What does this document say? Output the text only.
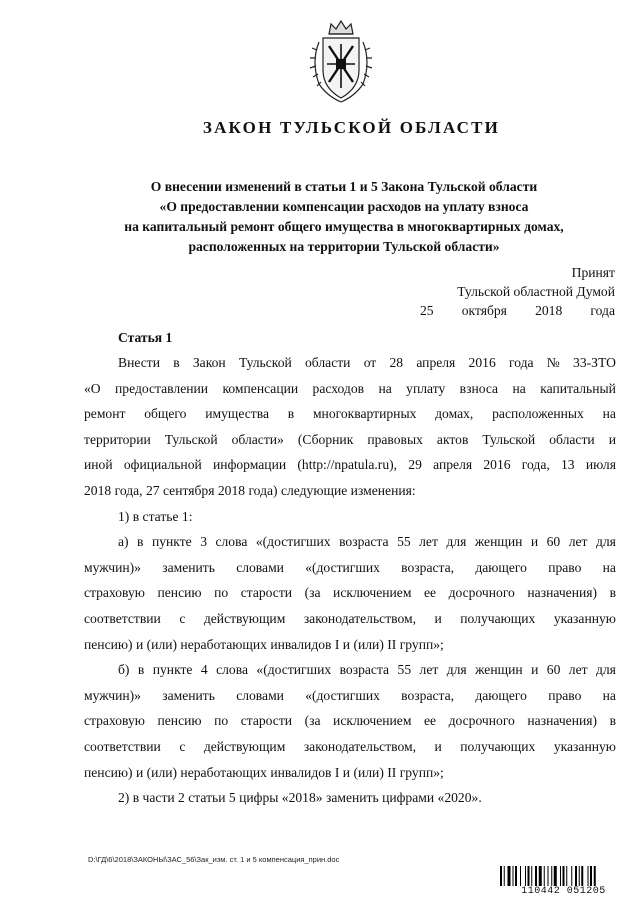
ЗАКОН ТУЛЬСКОЙ ОБЛАСТИ
О внесении изменений в статьи 1 и 5 Закона Тульской области
«О предоставлении компенсации расходов на уплату взноса
на капитальный ремонт общего имущества в многоквартирных домах,
расположенных на территории Тульской области»
Принят
Тульской областной Думой
25 октября 2018 года
Статья 1
Внести в Закон Тульской области от 28 апреля 2016 года № 33-ЗТО
«О предоставлении компенсации расходов на уплату взноса на капитальный
ремонт общего имущества в многоквартирных домах, расположенных на
территории Тульской области» (Сборник правовых актов Тульской области и
иной официальной информации (http://npatula.ru), 29 апреля 2016 года, 13 июля
2018 года, 27 сентября 2018 года) следующие изменения:
1) в статье 1:
а) в пункте 3 слова «(достигших возраста 55 лет для женщин и 60 лет для
мужчин)» заменить словами «(достигших возраста, дающего право на
страховую пенсию по старости (за исключением ее досрочного назначения) в
соответствии с действующим законодательством, и получающих указанную
пенсию) и (или) неработающих инвалидов I и (или) II групп»;
б) в пункте 4 слова «(достигших возраста 55 лет для женщин и 60 лет для
мужчин)» заменить словами «(достигших возраста, дающего право на
страховую пенсию по старости (за исключением ее досрочного назначения) в
соответствии с действующим законодательством, и получающих указанную
пенсию) и (или) неработающих инвалидов I и (или) II групп»;
2) в части 2 статьи 5 цифры «2018» заменить цифрами «2020».
D:\ГД\6\2018\ЗАКОНЫ\ЗАС_56\Зак_изм. ст. 1 и 5 компенсация_прин.doc
110442 051205
